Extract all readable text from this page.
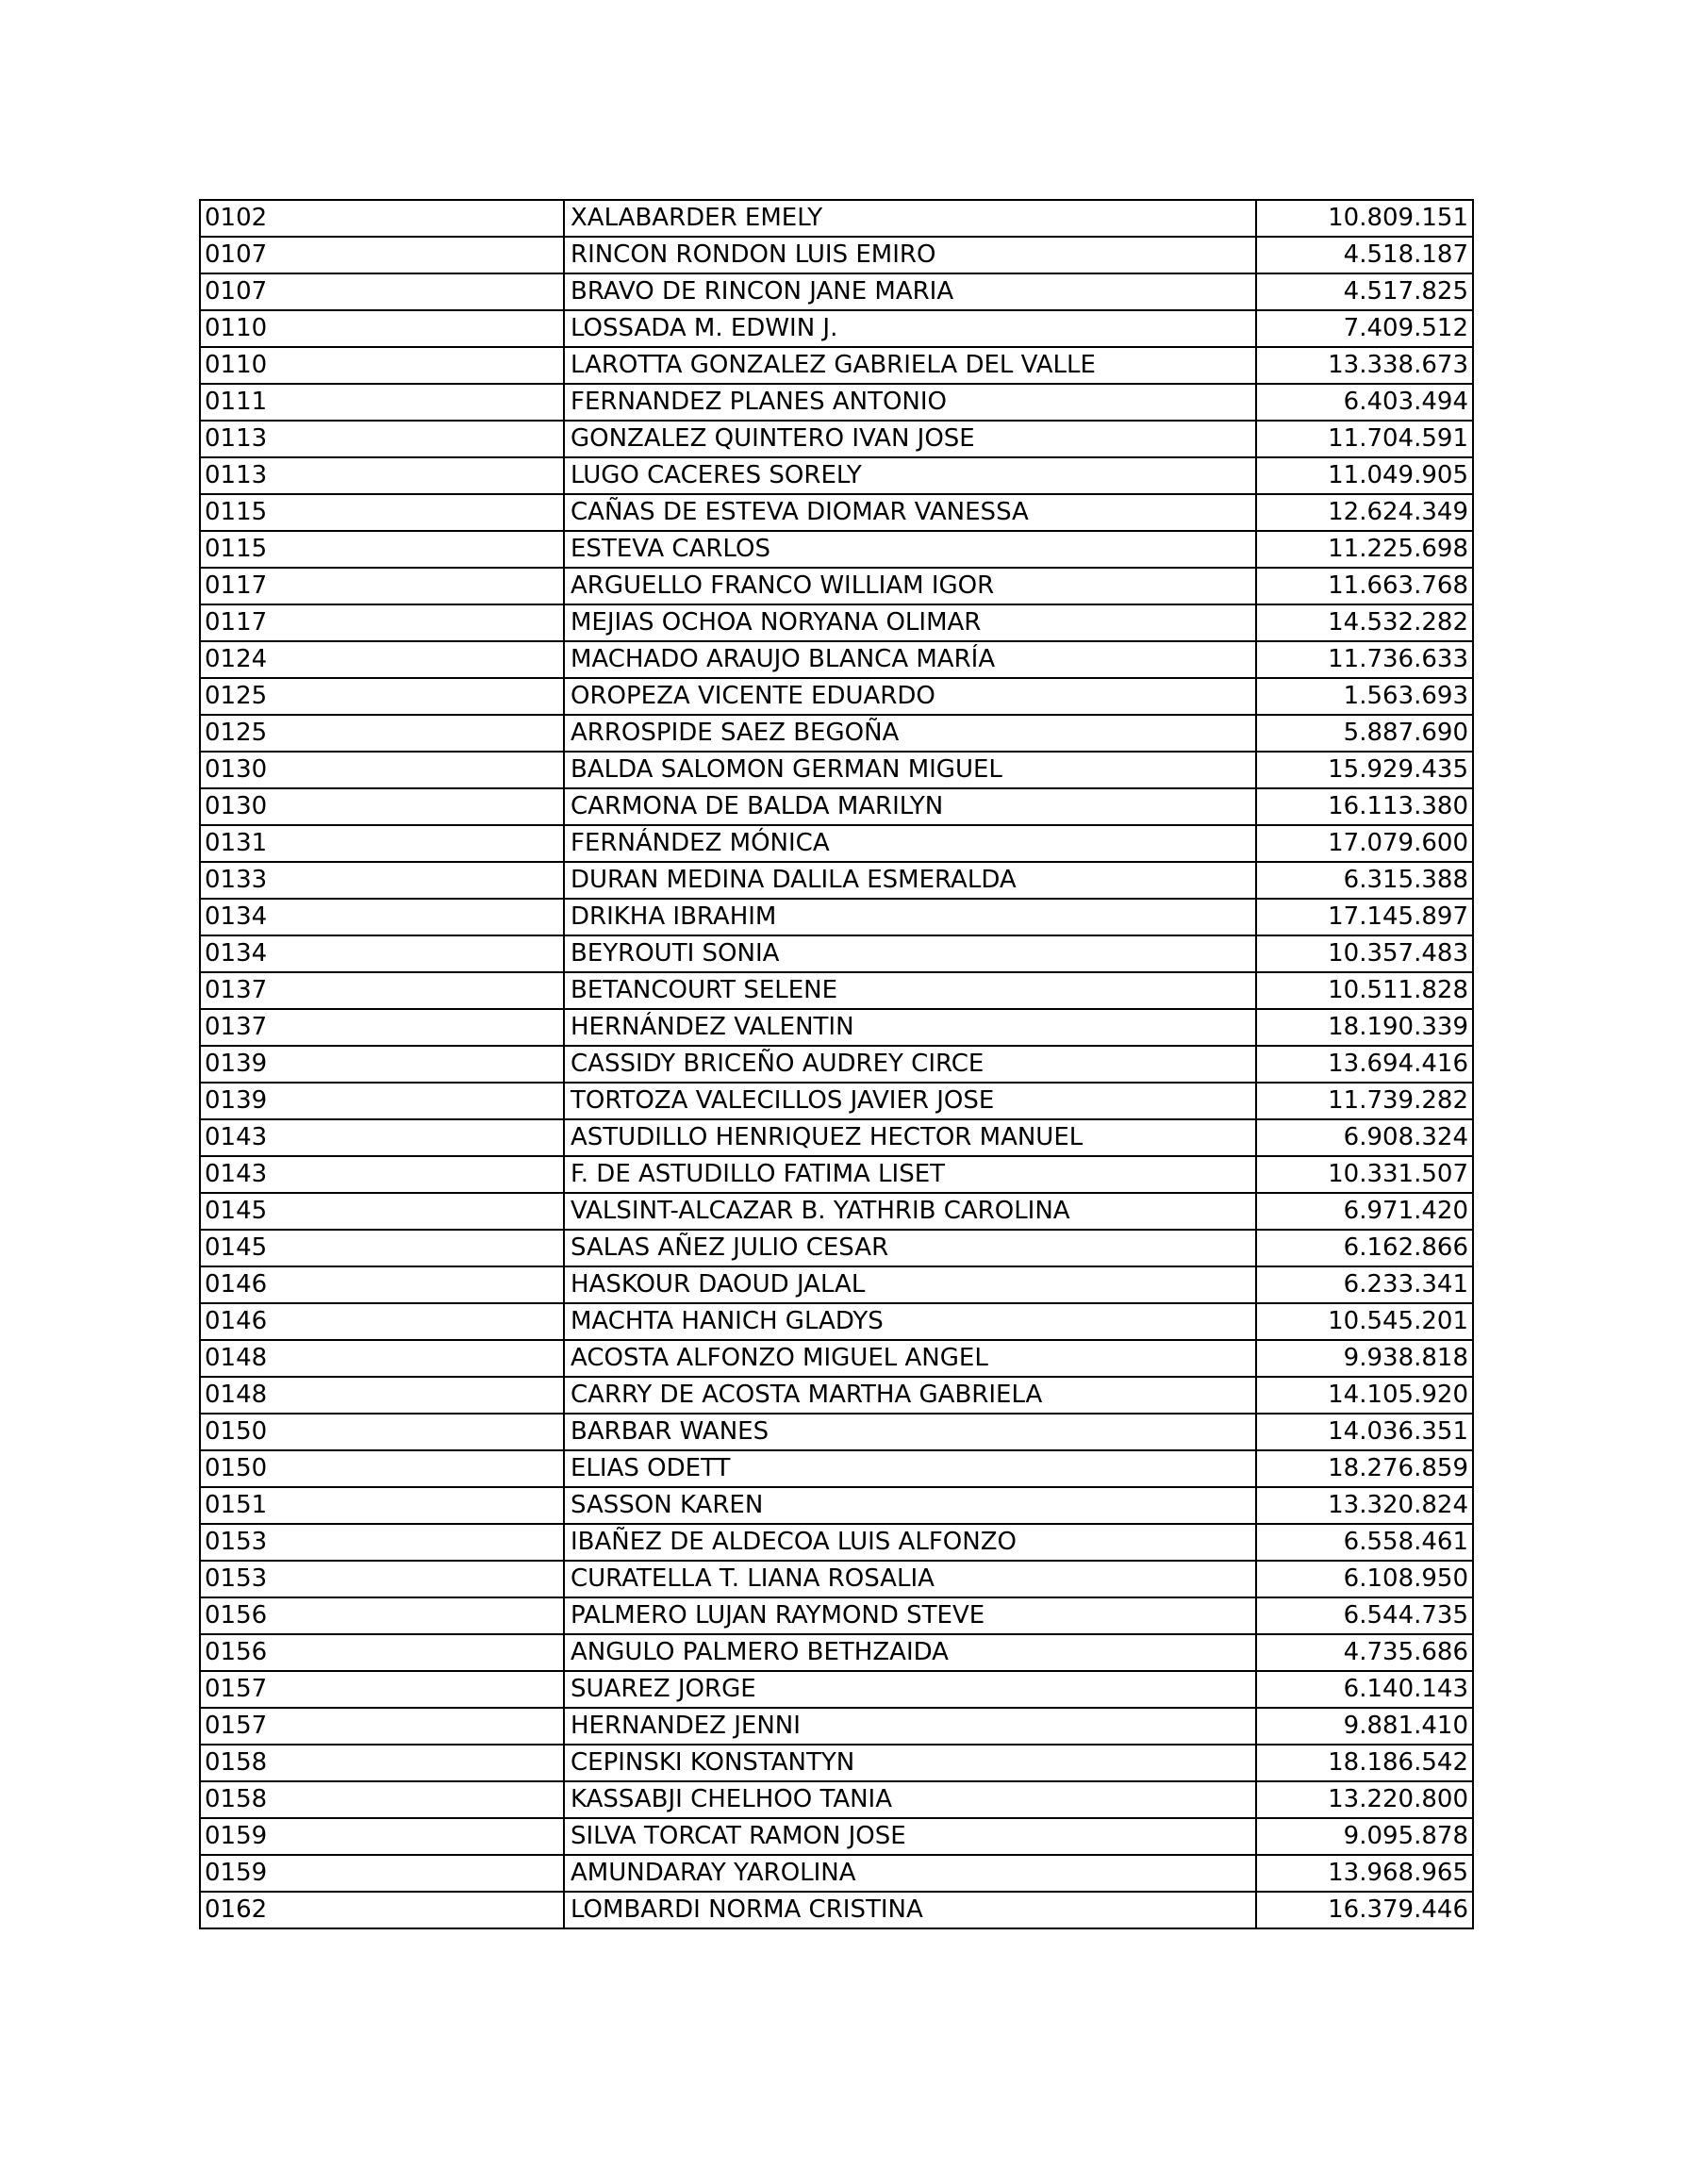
0102	XALABARDER EMELY	10.809.151
0107	RINCON RONDON LUIS EMIRO	4.518.187
0107	BRAVO DE RINCON JANE MARIA	4.517.825
0110	LOSSADA M. EDWIN J.	7.409.512
0110	LAROTTA GONZALEZ GABRIELA DEL VALLE	13.338.673
0111	FERNANDEZ PLANES ANTONIO	6.403.494
0113	GONZALEZ QUINTERO IVAN JOSE	11.704.591
0113	LUGO CACERES SORELY	11.049.905
0115	CAÑAS DE ESTEVA DIOMAR VANESSA	12.624.349
0115	ESTEVA CARLOS	11.225.698
0117	ARGUELLO FRANCO WILLIAM IGOR	11.663.768
0117	MEJIAS OCHOA NORYANA OLIMAR	14.532.282
0124	MACHADO ARAUJO BLANCA MARÍA	11.736.633
0125	OROPEZA VICENTE EDUARDO	1.563.693
0125	ARROSPIDE SAEZ BEGOÑA	5.887.690
0130	BALDA SALOMON GERMAN MIGUEL	15.929.435
0130	CARMONA DE BALDA MARILYN	16.113.380
0131	FERNÁNDEZ MÓNICA	17.079.600
0133	DURAN MEDINA DALILA ESMERALDA	6.315.388
0134	DRIKHA IBRAHIM	17.145.897
0134	BEYROUTI SONIA	10.357.483
0137	BETANCOURT SELENE	10.511.828
0137	HERNÁNDEZ VALENTIN	18.190.339
0139	CASSIDY BRICEÑO AUDREY CIRCE	13.694.416
0139	TORTOZA VALECILLOS JAVIER JOSE	11.739.282
0143	ASTUDILLO HENRIQUEZ HECTOR MANUEL	6.908.324
0143	F. DE ASTUDILLO FATIMA LISET	10.331.507
0145	VALSINT-ALCAZAR B. YATHRIB CAROLINA	6.971.420
0145	SALAS AÑEZ JULIO CESAR	6.162.866
0146	HASKOUR DAOUD JALAL	6.233.341
0146	MACHTA HANICH GLADYS	10.545.201
0148	ACOSTA ALFONZO MIGUEL ANGEL	9.938.818
0148	CARRY DE ACOSTA MARTHA GABRIELA	14.105.920
0150	BARBAR WANES	14.036.351
0150	ELIAS ODETT	18.276.859
0151	SASSON KAREN	13.320.824
0153	IBAÑEZ DE ALDECOA LUIS ALFONZO	6.558.461
0153	CURATELLA T. LIANA ROSALIA	6.108.950
0156	PALMERO LUJAN RAYMOND STEVE	6.544.735
0156	ANGULO PALMERO BETHZAIDA	4.735.686
0157	SUAREZ JORGE	6.140.143
0157	HERNANDEZ JENNI	9.881.410
0158	CEPINSKI KONSTANTYN	18.186.542
0158	KASSABJI CHELHOO TANIA	13.220.800
0159	SILVA TORCAT RAMON JOSE	9.095.878
0159	AMUNDARAY YAROLINA	13.968.965
0162	LOMBARDI NORMA CRISTINA	16.379.446
